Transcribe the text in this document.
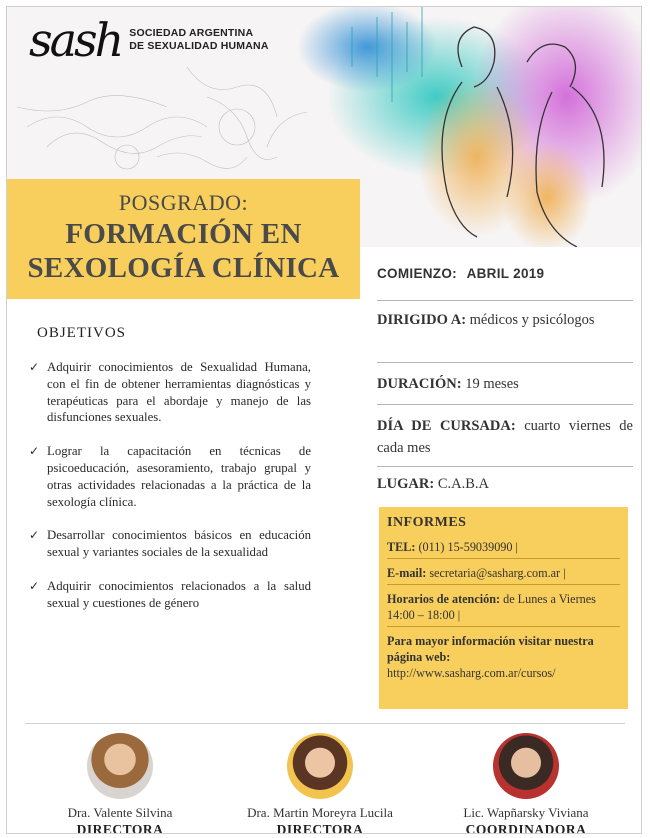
sash SOCIEDAD ARGENTINA
DE SEXUALIDAD HUMANA
POSGRADO:
FORMACIÓN EN
SEXOLOGÍA CLÍNICA
OBJETIVOS
✓ Adquirir conocimientos de Sexualidad Humana, con el fin de obtener herramientas diagnósticas y terapéuticas para el abordaje y manejo de las disfunciones sexuales.
✓ Lograr la capacitación en técnicas de psicoeducación, asesoramiento, trabajo grupal y otras actividades relacionadas a la práctica de la sexología clínica.
✓ Desarrollar conocimientos básicos en educación sexual y variantes sociales de la sexualidad
✓ Adquirir conocimientos relacionados a la salud sexual y cuestiones de género
COMIENZO: ABRIL 2019
DIRIGIDO A: médicos y psicólogos
DURACIÓN: 19 meses
DÍA DE CURSADA: cuarto viernes de cada mes
LUGAR: C.A.B.A
INFORMES
TEL: (011) 15-59039090 |
E-mail: secretaria@sasharg.com.ar |
Horarios de atención: de Lunes a Viernes 14:00 – 18:00 |
Para mayor información visitar nuestra página web:
http://www.sasharg.com.ar/cursos/
Dra. Valente Silvina
DIRECTORA
Dra. Martin Moreyra Lucila
DIRECTORA
Lic. Wapñarsky Viviana
COORDINADORA
